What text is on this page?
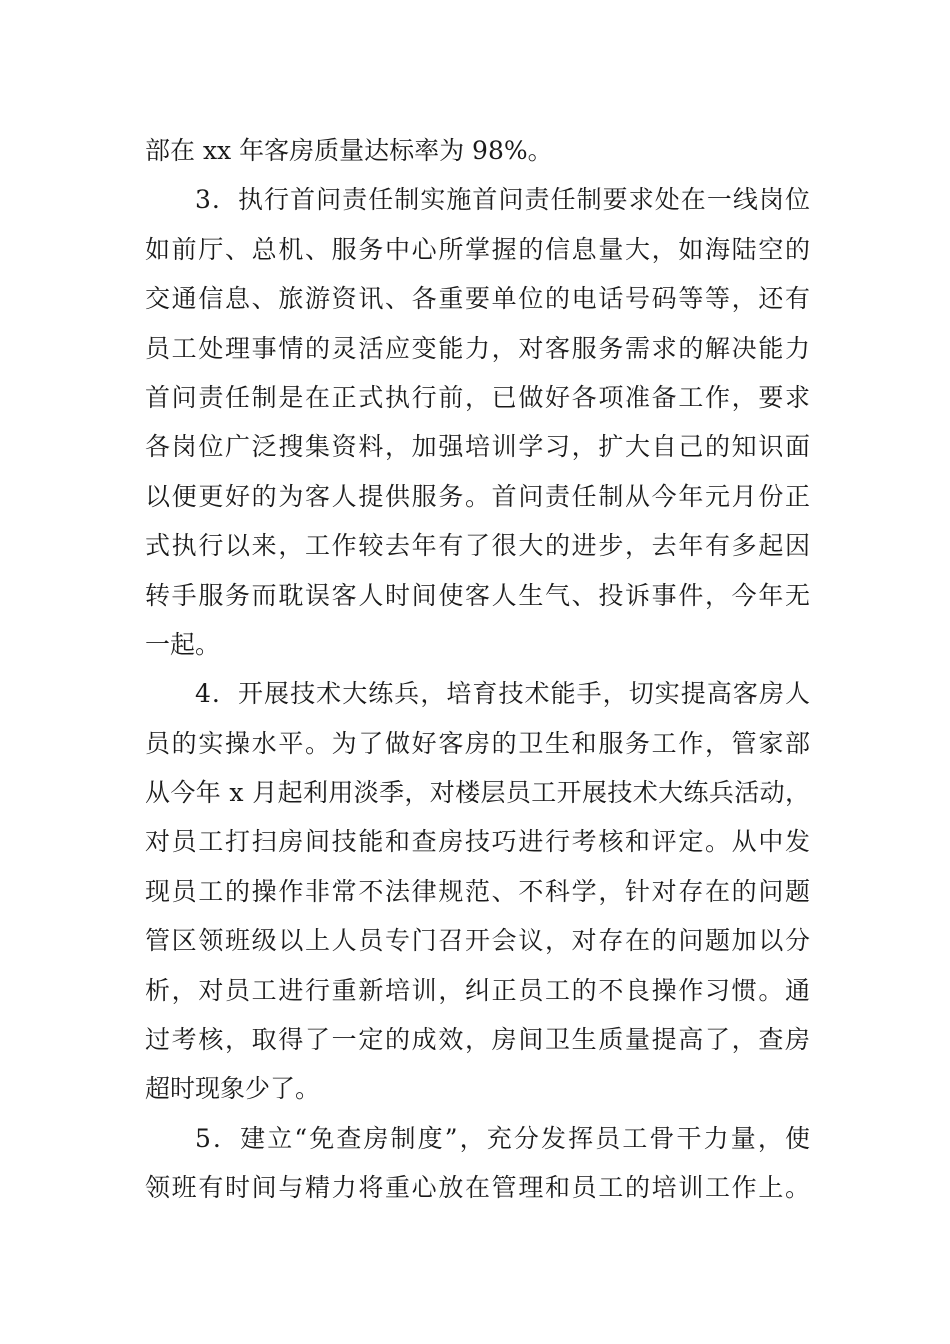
部在 xx 年客房质量达标率为 98%。
3．执行首问责任制实施首问责任制要求处在一线岗位
如前厅、总机、服务中心所掌握的信息量大，如海陆空的
交通信息、旅游资讯、各重要单位的电话号码等等，还有
员工处理事情的灵活应变能力，对客服务需求的解决能力
首问责任制是在正式执行前，已做好各项准备工作，要求
各岗位广泛搜集资料，加强培训学习，扩大自己的知识面
以便更好的为客人提供服务。首问责任制从今年元月份正
式执行以来，工作较去年有了很大的进步，去年有多起因
转手服务而耽误客人时间使客人生气、投诉事件，今年无
一起。
4．开展技术大练兵，培育技术能手，切实提高客房人
员的实操水平。为了做好客房的卫生和服务工作，管家部
从今年 x 月起利用淡季，对楼层员工开展技术大练兵活动，
对员工打扫房间技能和查房技巧进行考核和评定。从中发
现员工的操作非常不法律规范、不科学，针对存在的问题
管区领班级以上人员专门召开会议，对存在的问题加以分
析，对员工进行重新培训，纠正员工的不良操作习惯。通
过考核，取得了一定的成效，房间卫生质量提高了，查房
超时现象少了。
5．建立“免查房制度”，充分发挥员工骨干力量，使
领班有时间与精力将重心放在管理和员工的培训工作上。
